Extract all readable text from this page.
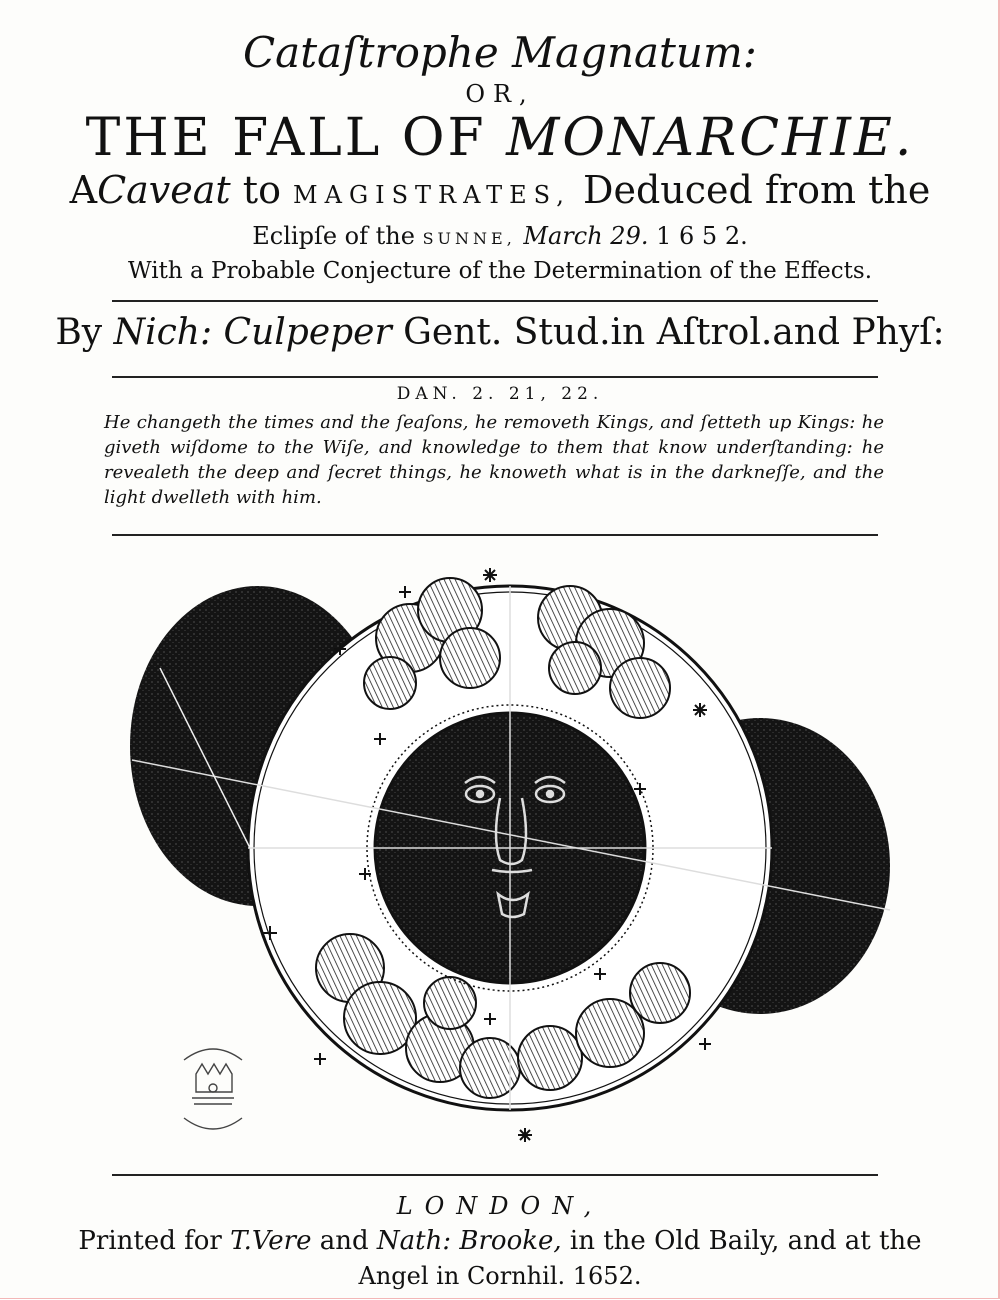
Cataſtrophe Magnatum:
OR,
THE FALL OF MONARCHIE.
ACaveat to MAGISTRATES, Deduced from the
Eclipſe of the SUNNE, March 29. 1 6 5 2.
With a Probable Conjecture of the Determination of the Effects.
By Nich: Culpeper Gent. Stud.in Aſtrol.and Phyſ:
DAN. 2. 21, 22.
He changeth the times and the ſeaſons, he removeth Kings, and ſetteth up Kings: he giveth wiſdome to the Wiſe, and knowledge to them that know underſtanding: he revealeth the deep and ſecret things, he knoweth what is in the darkneſſe, and the light dwelleth with him.
LONDON,
Printed for T.Vere and Nath: Brooke, in the Old Baily, and at the
Angel in Cornhil. 1652.
